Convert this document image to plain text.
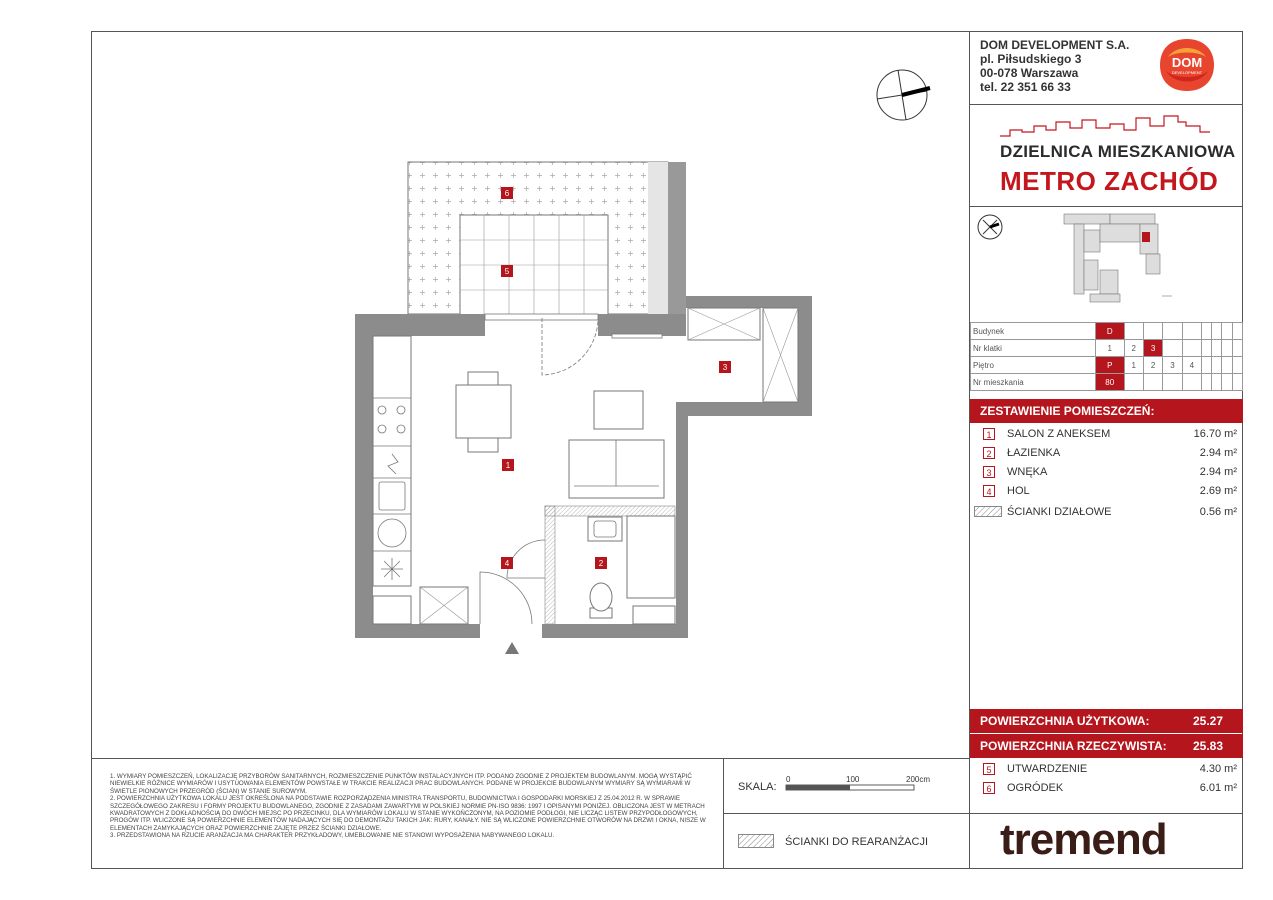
DOM DEVELOPMENT S.A.
pl. Piłsudskiego 3
00-078 Warszawa
tel. 22 351 66 33
DOM
DEVELOPMENT
DZIELNICA MIESZKANIOWA
METRO ZACHÓD
Budynek	D								
Nr klatki	1	2	3						
Piętro	P	1	2	3	4				
Nr mieszkania	80								
ZESTAWIENIE POMIESZCZEŃ:
1	SALON Z ANEKSEM	16.70 m²
2	ŁAZIENKA	2.94 m²
3	WNĘKA	2.94 m²
4	HOL	2.69 m²
ŚCIANKI DZIAŁOWE	0.56 m²
POWIERZCHNIA UŻYTKOWA:	25.27
POWIERZCHNIA RZECZYWISTA: 25.83
5	UTWARDZENIE	4.30 m²
6	OGRÓDEK	6.01 m²
tremend
SKALA:
0	100	200cm
ŚCIANKI DO REARANŻACJI

1. WYMIARY POMIESZCZEŃ, LOKALIZACJĘ PRZYBORÓW SANITARNYCH, ROZMIESZCZENIE PUNKTÓW INSTALACYJNYCH ITP. PODANO ZGODNIE Z PROJEKTEM BUDOWLANYM. MOGĄ WYSTĄPIĆ NIEWIELKIE RÓŻNICE WYMIARÓW I USYTUOWANIA ELEMENTÓW POWSTAŁE W TRAKCIE REALIZACJI PRAC BUDOWLANYCH. PODANE W PROJEKCIE BUDOWLANYM WYMIARY SĄ WYMIARAMI W ŚWIETLE PIONOWYCH PRZEGRÓD (ŚCIAN) W STANIE SUROWYM.

2. POWIERZCHNIA UŻYTKOWA LOKALU JEST OKREŚLONA NA PODSTAWIE ROZPORZĄDZENIA MINISTRA TRANSPORTU, BUDOWNICTWA I GOSPODARKI MORSKIEJ Z 25.04.2012 R. W SPRAWIE SZCZEGÓŁOWEGO ZAKRESU I FORMY PROJEKTU BUDOWLANEGO, ZGODNIE Z ZASADAMI ZAWARTYMI W POLSKIEJ NORMIE PN-ISO 9836: 1997 I OPISANYMI PONIŻEJ. OBLICZONA JEST W METRACH KWADRATOWYCH Z DOKŁADNOŚCIĄ DO DWÓCH MIEJSC PO PRZECINKU, DLA WYMIARÓW LOKALU W STANIE WYKOŃCZONYM, NA POZIOMIE PODŁOGI, NIE LICZĄC LISTEW PRZYPODŁOGOWYCH, PROGÓW ITP. WLICZONE SĄ POWIERZCHNIE ELEMENTÓW NADAJĄCYCH SIĘ DO DEMONTAŻU TAKICH JAK: RURY, KANAŁY. NIE SĄ WLICZONE POWIERZCHNIE OTWORÓW NA DRZWI I OKNA, NISZE W ELEMENTACH ZAMYKAJĄCYCH ORAZ POWIERZCHNIE ZAJĘTE PRZEZ ŚCIANKI DZIAŁOWE.

3. PRZEDSTAWIONA NA RZUCIE ARANŻACJA MA CHARAKTER PRZYKŁADOWY, UMEBLOWANIE NIE STANOWI WYPOSAŻENIA NABYWANEGO LOKALU.

6
5
3
1
2
4
